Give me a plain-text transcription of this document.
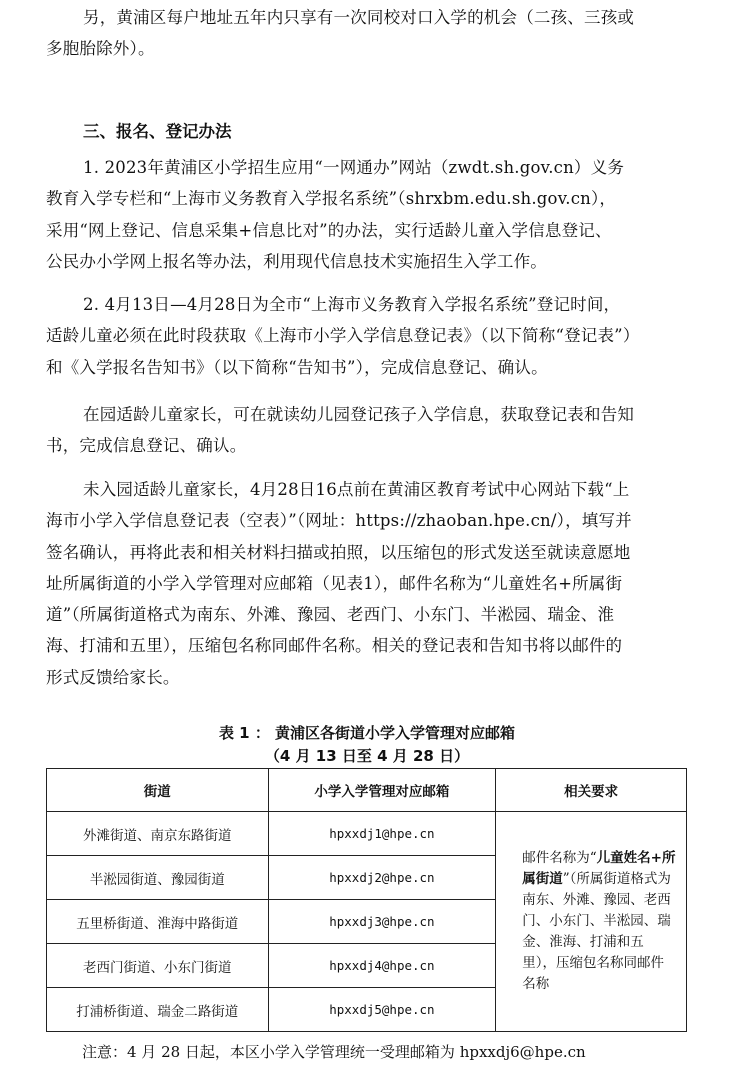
另，黄浦区每户地址五年内只享有一次同校对口入学的机会（二孩、三孩或
多胞胎除外）。

三、报名、登记办法

1. 2023年黄浦区小学招生应用“一网通办”网站（zwdt.sh.gov.cn）义务
教育入学专栏和“上海市义务教育入学报名系统”（shrxbm.edu.sh.gov.cn），
采用“网上登记、信息采集+信息比对”的办法，实行适龄儿童入学信息登记、
公民办小学网上报名等办法，利用现代信息技术实施招生入学工作。
2. 4月13日—4月28日为全市“上海市义务教育入学报名系统”登记时间，
适龄儿童必须在此时段获取《上海市小学入学信息登记表》（以下简称“登记表”）
和《入学报名告知书》（以下简称“告知书”），完成信息登记、确认。
在园适龄儿童家长，可在就读幼儿园登记孩子入学信息，获取登记表和告知
书，完成信息登记、确认。
未入园适龄儿童家长，4月28日16点前在黄浦区教育考试中心网站下载“上
海市小学入学信息登记表（空表）”（网址：https://zhaoban.hpe.cn/），填写并
签名确认，再将此表和相关材料扫描或拍照，以压缩包的形式发送至就读意愿地
址所属街道的小学入学管理对应邮箱（见表1），邮件名称为“儿童姓名+所属街
道”（所属街道格式为南东、外滩、豫园、老西门、小东门、半淞园、瑞金、淮
海、打浦和五里），压缩包名称同邮件名称。相关的登记表和告知书将以邮件的
形式反馈给家长。

表 1 ： 黄浦区各街道小学入学管理对应邮箱

（4 月 13 日至 4 月 28 日）

街道	小学入学管理对应邮箱	相关要求
外滩街道、南京东路街道	hpxxdj1@hpe.cn	邮件名称为“儿童姓名+所属街道”（所属街道格式为南东、外滩、豫园、老西门、小东门、半淞园、瑞金、淮海、打浦和五里），压缩包名称同邮件名称
半淞园街道、豫园街道	hpxxdj2@hpe.cn	
五里桥街道、淮海中路街道	hpxxdj3@hpe.cn	
老西门街道、小东门街道	hpxxdj4@hpe.cn	
打浦桥街道、瑞金二路街道	hpxxdj5@hpe.cn	

注意：4 月 28 日起，本区小学入学管理统一受理邮箱为 hpxxdj6@hpe.cn
